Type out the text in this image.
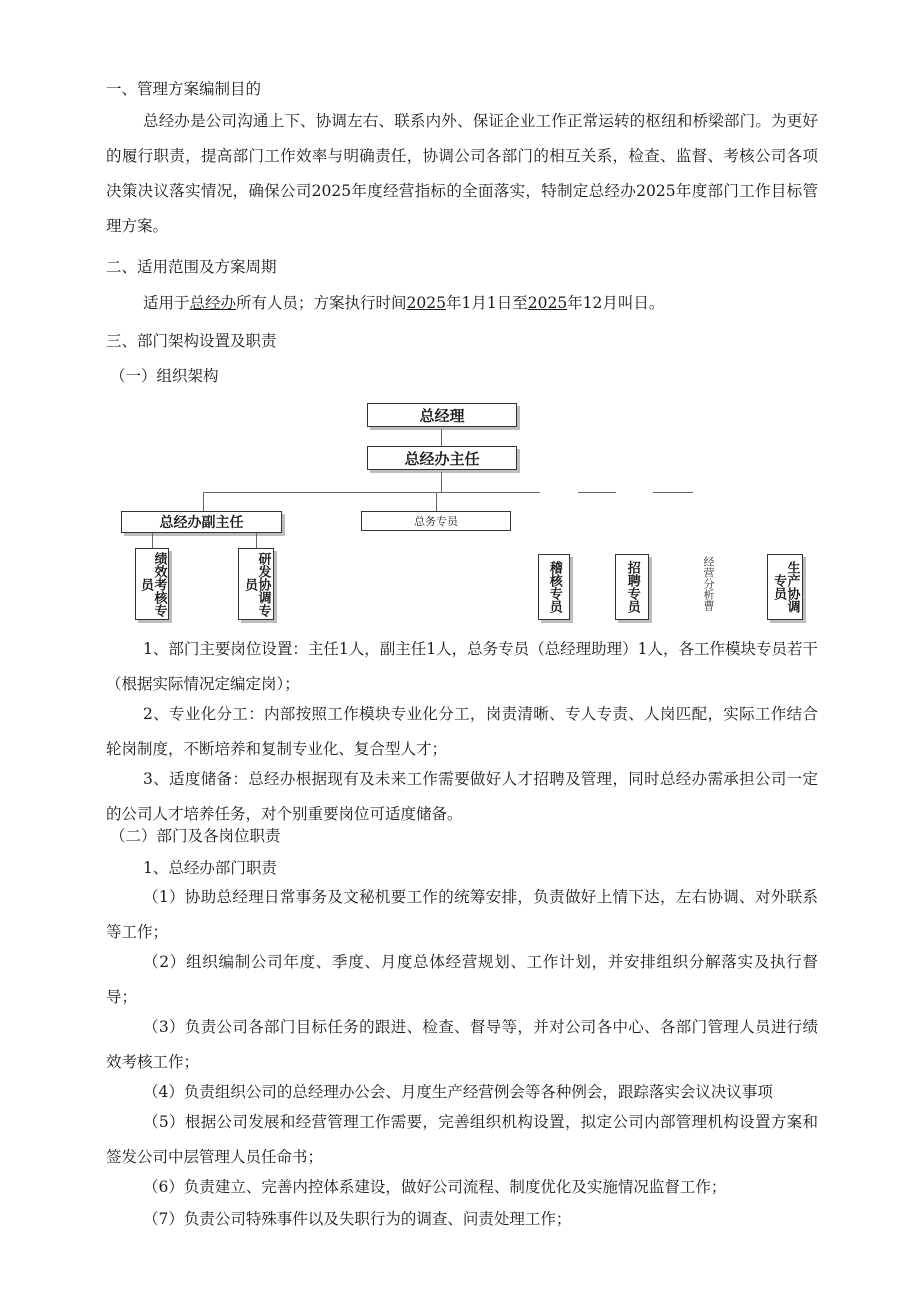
一、管理方案编制目的
总经办是公司沟通上下、协调左右、联系内外、保证企业工作正常运转的枢纽和桥梁部门。为更好的履行职责，提高部门工作效率与明确责任，协调公司各部门的相互关系，检查、监督、考核公司各项决策决议落实情况，确保公司2025年度经营指标的全面落实，特制定总经办2025年度部门工作目标管理方案。
二、适用范围及方案周期
适用于总经办所有人员；方案执行时间2025年1月1日至2025年12月叫日。
三、部门架构设置及职责
（一）组织架构
总经理
总经办主任
总经办副主任	总务专员
绩效考核专员	研发协调专员	稽核专员	招聘专员	经营分析曹	生产协调专员
1、部门主要岗位设置：主任1人，副主任1人，总务专员（总经理助理）1人，各工作模块专员若干（根据实际情况定编定岗）；
2、专业化分工：内部按照工作模块专业化分工，岗责清晰、专人专责、人岗匹配，实际工作结合轮岗制度，不断培养和复制专业化、复合型人才；
3、适度储备：总经办根据现有及未来工作需要做好人才招聘及管理，同时总经办需承担公司一定的公司人才培养任务，对个别重要岗位可适度储备。
（二）部门及各岗位职责
1、总经办部门职责
（1）协助总经理日常事务及文秘机要工作的统筹安排，负责做好上情下达，左右协调、对外联系等工作；
（2）组织编制公司年度、季度、月度总体经营规划、工作计划，并安排组织分解落实及执行督导；
（3）负责公司各部门目标任务的跟进、检查、督导等，并对公司各中心、各部门管理人员进行绩效考核工作；
（4）负责组织公司的总经理办公会、月度生产经营例会等各种例会，跟踪落实会议决议事项
（5）根据公司发展和经营管理工作需要，完善组织机构设置，拟定公司内部管理机构设置方案和签发公司中层管理人员任命书；
（6）负责建立、完善内控体系建设，做好公司流程、制度优化及实施情况监督工作；
（7）负责公司特殊事件以及失职行为的调查、问责处理工作；
